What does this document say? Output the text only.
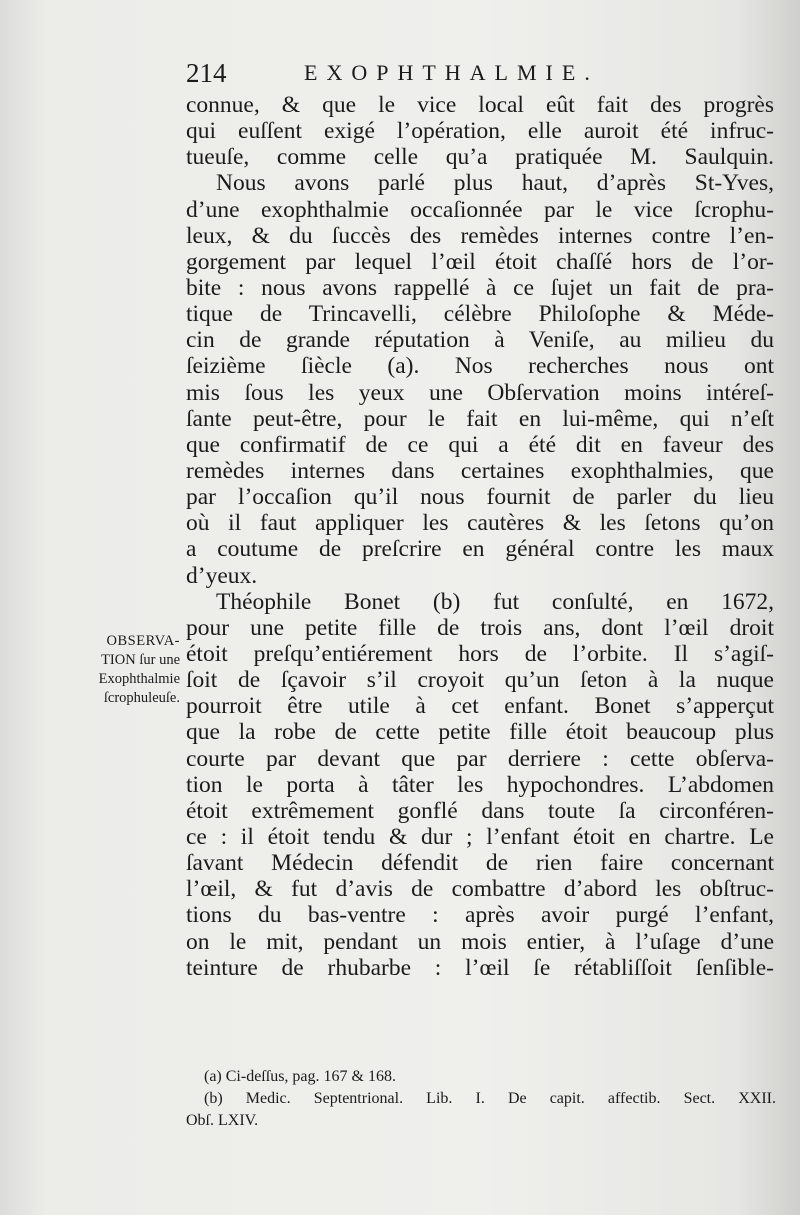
214	EXOPHTHALMIE.
OBSERVA-
TION ſur une
Exophthalmie
ſcrophuleuſe.
connue, & que le vice local eût fait des progrès
qui euſſent exigé l’opération, elle auroit été infruc-
tueuſe, comme celle qu’a pratiquée M. Saulquin.
Nous avons parlé plus haut, d’après St-Yves,
d’une exophthalmie occaſionnée par le vice ſcrophu-
leux, & du ſuccès des remèdes internes contre l’en-
gorgement par lequel l’œil étoit chaſſé hors de l’or-
bite : nous avons rappellé à ce ſujet un fait de pra-
tique de Trincavelli, célèbre Philoſophe & Méde-
cin de grande réputation à Veniſe, au milieu du
ſeizième ſiècle (a). Nos recherches nous ont
mis ſous les yeux une Obſervation moins intéreſ-
ſante peut-être, pour le fait en lui-même, qui n’eſt
que confirmatif de ce qui a été dit en faveur des
remèdes internes dans certaines exophthalmies, que
par l’occaſion qu’il nous fournit de parler du lieu
où il faut appliquer les cautères & les ſetons qu’on
a coutume de preſcrire en général contre les maux
d’yeux.
Théophile Bonet (b) fut conſulté, en 1672,
pour une petite fille de trois ans, dont l’œil droit
étoit preſqu’entiérement hors de l’orbite. Il s’agiſ-
ſoit de ſçavoir s’il croyoit qu’un ſeton à la nuque
pourroit être utile à cet enfant. Bonet s’apperçut
que la robe de cette petite fille étoit beaucoup plus
courte par devant que par derriere : cette obſerva-
tion le porta à tâter les hypochondres. L’abdomen
étoit extrêmement gonflé dans toute ſa circonféren-
ce : il étoit tendu & dur ; l’enfant étoit en chartre. Le
ſavant Médecin défendit de rien faire concernant
l’œil, & fut d’avis de combattre d’abord les obſtruc-
tions du bas-ventre : après avoir purgé l’enfant,
on le mit, pendant un mois entier, à l’uſage d’une
teinture de rhubarbe : l’œil ſe rétabliſſoit ſenſible-
(a) Ci-deſſus, pag. 167 & 168.
(b) Medic. Septentrional. Lib. I. De capit. affectib. Sect. XXII.
Obſ. LXIV.
